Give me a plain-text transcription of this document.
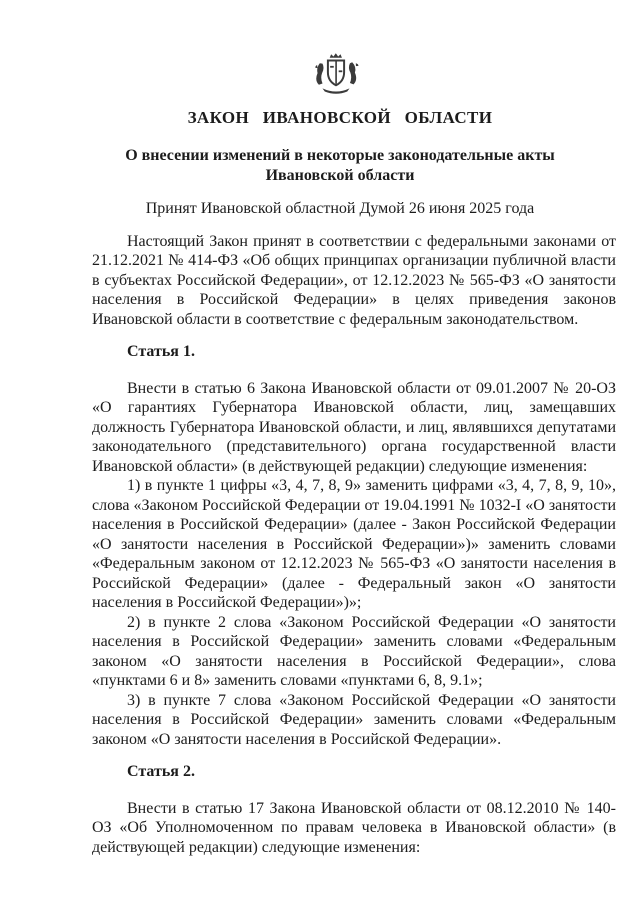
ЗАКОН ИВАНОВСКОЙ ОБЛАСТИ
О внесении изменений в некоторые законодательные акты
Ивановской области

Принят Ивановской областной Думой 26 июня 2025 года

Настоящий Закон принят в соответствии с федеральными законами от 21.12.2021 № 414-ФЗ «Об общих принципах организации публичной власти в субъектах Российской Федерации», от 12.12.2023 № 565-ФЗ «О занятости населения в Российской Федерации» в целях приведения законов Ивановской области в соответствие с федеральным законодательством.

Статья 1.

Внести в статью 6 Закона Ивановской области от 09.01.2007 № 20-ОЗ «О гарантиях Губернатора Ивановской области, лиц, замещавших должность Губернатора Ивановской области, и лиц, являвшихся депутатами законодательного (представительного) органа государственной власти Ивановской области» (в действующей редакции) следующие изменения:

1) в пункте 1 цифры «3, 4, 7, 8, 9» заменить цифрами «3, 4, 7, 8, 9, 10», слова «Законом Российской Федерации от 19.04.1991 № 1032-I «О занятости населения в Российской Федерации» (далее - Закон Российской Федерации «О занятости населения в Российской Федерации»)» заменить словами «Федеральным законом от 12.12.2023 № 565-ФЗ «О занятости населения в Российской Федерации» (далее - Федеральный закон «О занятости населения в Российской Федерации»)»;

2) в пункте 2 слова «Законом Российской Федерации «О занятости населения в Российской Федерации» заменить словами «Федеральным законом «О занятости населения в Российской Федерации», слова «пунктами 6 и 8» заменить словами «пунктами 6, 8, 9.1»;

3) в пункте 7 слова «Законом Российской Федерации «О занятости населения в Российской Федерации» заменить словами «Федеральным законом «О занятости населения в Российской Федерации».

Статья 2.

Внести в статью 17 Закона Ивановской области от 08.12.2010 № 140-ОЗ «Об Уполномоченном по правам человека в Ивановской области» (в действующей редакции) следующие изменения:
